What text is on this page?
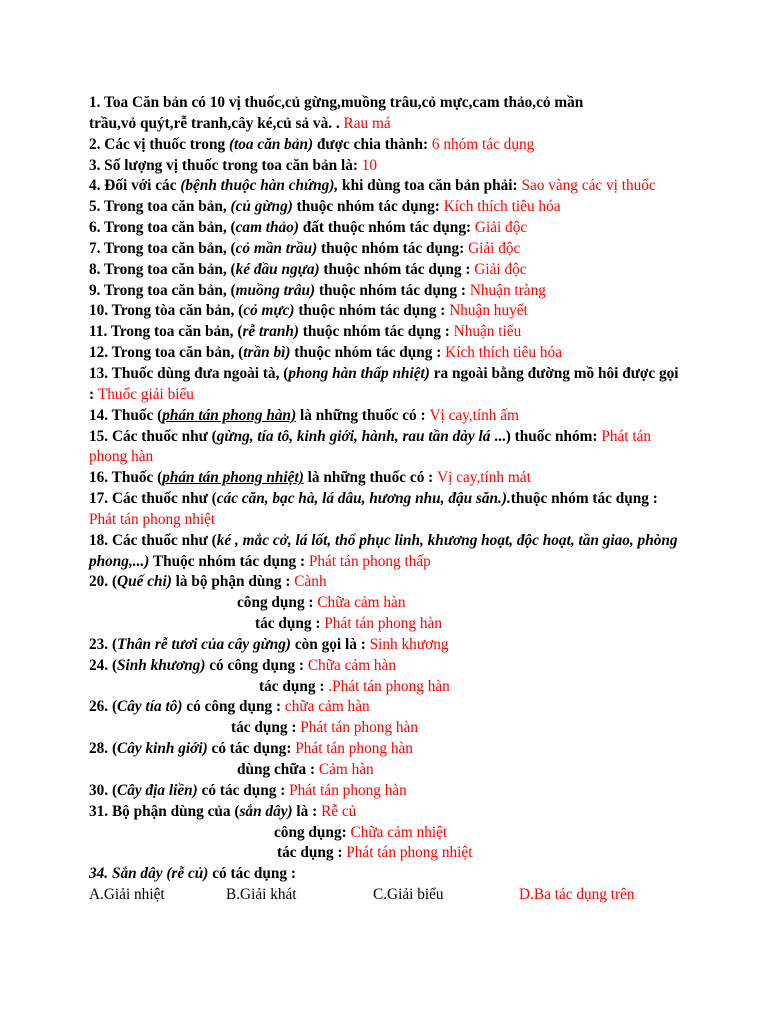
1. Toa Căn bản có 10 vị thuốc,củ gừng,muồng trâu,cỏ mực,cam thảo,cỏ mần
trầu,vỏ quýt,rễ tranh,cây ké,củ sả và. . Rau má
2. Các vị thuốc trong (toa căn bản) được chia thành: 6 nhóm tác dụng
3. Số lượng vị thuốc trong toa căn bản là: 10
4. Đối với các (bệnh thuộc hàn chứng), khi dùng toa căn bản phải: Sao vàng các vị thuốc
5. Trong toa căn bản, (củ gừng) thuộc nhóm tác dụng: Kích thích tiêu hóa
6. Trong toa căn bản, (cam thảo) đất thuộc nhóm tác dụng: Giải độc
7. Trong toa căn bản, (cỏ mần trầu) thuộc nhóm tác dụng: Giải độc
8. Trong toa căn bản, (ké đầu ngựa) thuộc nhóm tác dụng : Giải độc
9. Trong toa căn bản, (muồng trâu) thuộc nhóm tác dụng : Nhuận tràng
10. Trong tòa căn bản, (cỏ mực) thuộc nhóm tác dụng : Nhuận huyết
11. Trong toa căn bản, (rễ tranh) thuộc nhóm tác dụng : Nhuận tiểu
12. Trong toa căn bản, (trần bì) thuộc nhóm tác dụng : Kích thích tiêu hóa
13. Thuốc dùng đưa ngoài tà, (phong hàn thấp nhiệt) ra ngoài bằng đường mồ hôi được gọi : Thuốc giải biểu
14. Thuốc (phán tán phong hàn) là những thuốc có : Vị cay,tính ấm
15. Các thuốc như (gừng, tía tô, kinh giới, hành, rau tần dày lá ...) thuốc nhóm: Phát tán phong hàn
16. Thuốc (phán tán phong nhiệt) là những thuốc có : Vị cay,tính mát
17. Các thuốc như (các căn, bạc hà, lá dâu, hương nhu, đậu săn.).thuộc nhóm tác dụng : Phát tán phong nhiệt
18. Các thuốc như (ké , mắc cở, lá lốt, thổ phục linh, khương hoạt, độc hoạt, tần giao, phòng phong,...) Thuộc nhóm tác dụng : Phát tán phong thấp
20. (Quế chi) là bộ phận dùng : Cành
công dụng : Chữa cảm hàn
tác dụng : Phát tán phong hàn
23. (Thân rễ tươi của cây gừng) còn gọi là : Sinh khương
24. (Sinh khương) có công dụng : Chữa cảm hàn
tác dụng : .Phát tán phong hàn
26. (Cây tía tô) có công dụng : chữa cảm hàn
tác dụng : Phát tán phong hàn
28. (Cây kinh giới) có tác dụng: Phát tán phong hàn
dùng chữa : Cảm hàn
30. (Cây địa liền) có tác dụng : Phát tán phong hàn
31. Bộ phận dùng của (sắn dây) là : Rễ củ
công dụng: Chữa cảm nhiệt
tác dụng : Phát tán phong nhiệt
34. Sắn dây (rễ củ) có tác dụng :
A.Giải nhiệt	B.Giải khát	C.Giải biểu	D.Ba tác dụng trên
